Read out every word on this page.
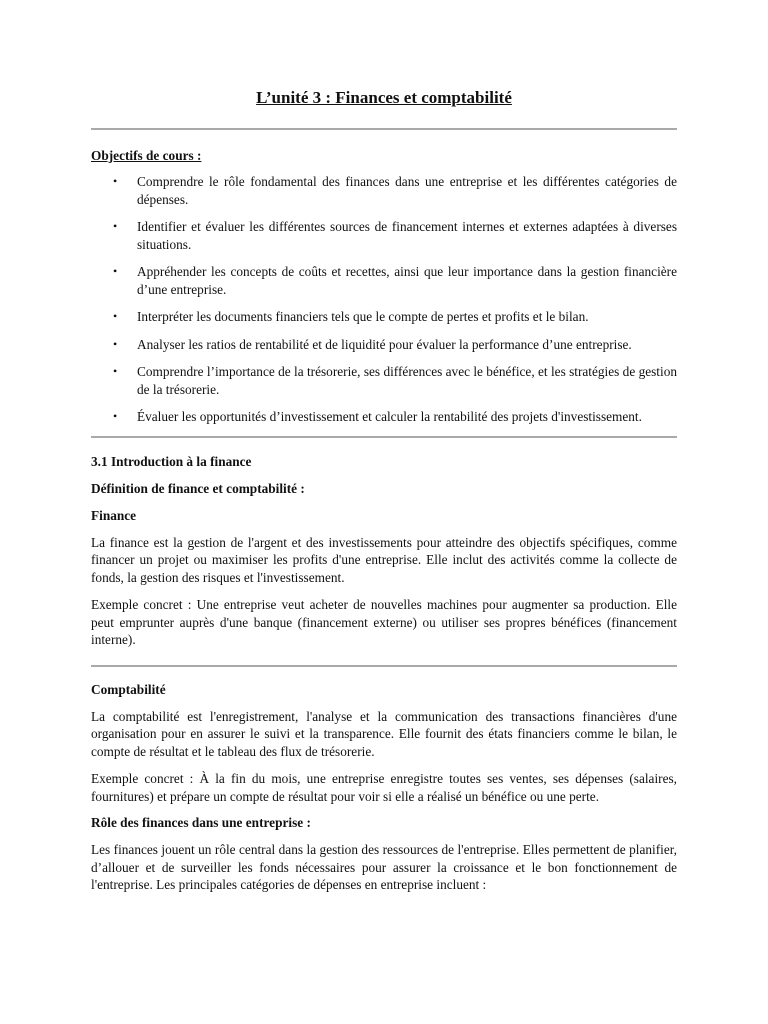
L’unité 3 : Finances et comptabilité

Objectifs de cours :

• Comprendre le rôle fondamental des finances dans une entreprise et les différentes catégories de dépenses.
• Identifier et évaluer les différentes sources de financement internes et externes adaptées à diverses situations.
• Appréhender les concepts de coûts et recettes, ainsi que leur importance dans la gestion financière d’une entreprise.
• Interpréter les documents financiers tels que le compte de pertes et profits et le bilan.
• Analyser les ratios de rentabilité et de liquidité pour évaluer la performance d’une entreprise.
• Comprendre l’importance de la trésorerie, ses différences avec le bénéfice, et les stratégies de gestion de la trésorerie.
• Évaluer les opportunités d’investissement et calculer la rentabilité des projets d'investissement.

3.1 Introduction à la finance

Définition de finance et comptabilité :

Finance

La finance est la gestion de l'argent et des investissements pour atteindre des objectifs spécifiques, comme financer un projet ou maximiser les profits d'une entreprise. Elle inclut des activités comme la collecte de fonds, la gestion des risques et l'investissement.

Exemple concret : Une entreprise veut acheter de nouvelles machines pour augmenter sa production. Elle peut emprunter auprès d'une banque (financement externe) ou utiliser ses propres bénéfices (financement interne).

Comptabilité

La comptabilité est l'enregistrement, l'analyse et la communication des transactions financières d'une organisation pour en assurer le suivi et la transparence. Elle fournit des états financiers comme le bilan, le compte de résultat et le tableau des flux de trésorerie.

Exemple concret : À la fin du mois, une entreprise enregistre toutes ses ventes, ses dépenses (salaires, fournitures) et prépare un compte de résultat pour voir si elle a réalisé un bénéfice ou une perte.

Rôle des finances dans une entreprise :

Les finances jouent un rôle central dans la gestion des ressources de l'entreprise. Elles permettent de planifier, d’allouer et de surveiller les fonds nécessaires pour assurer la croissance et le bon fonctionnement de l'entreprise. Les principales catégories de dépenses en entreprise incluent :
